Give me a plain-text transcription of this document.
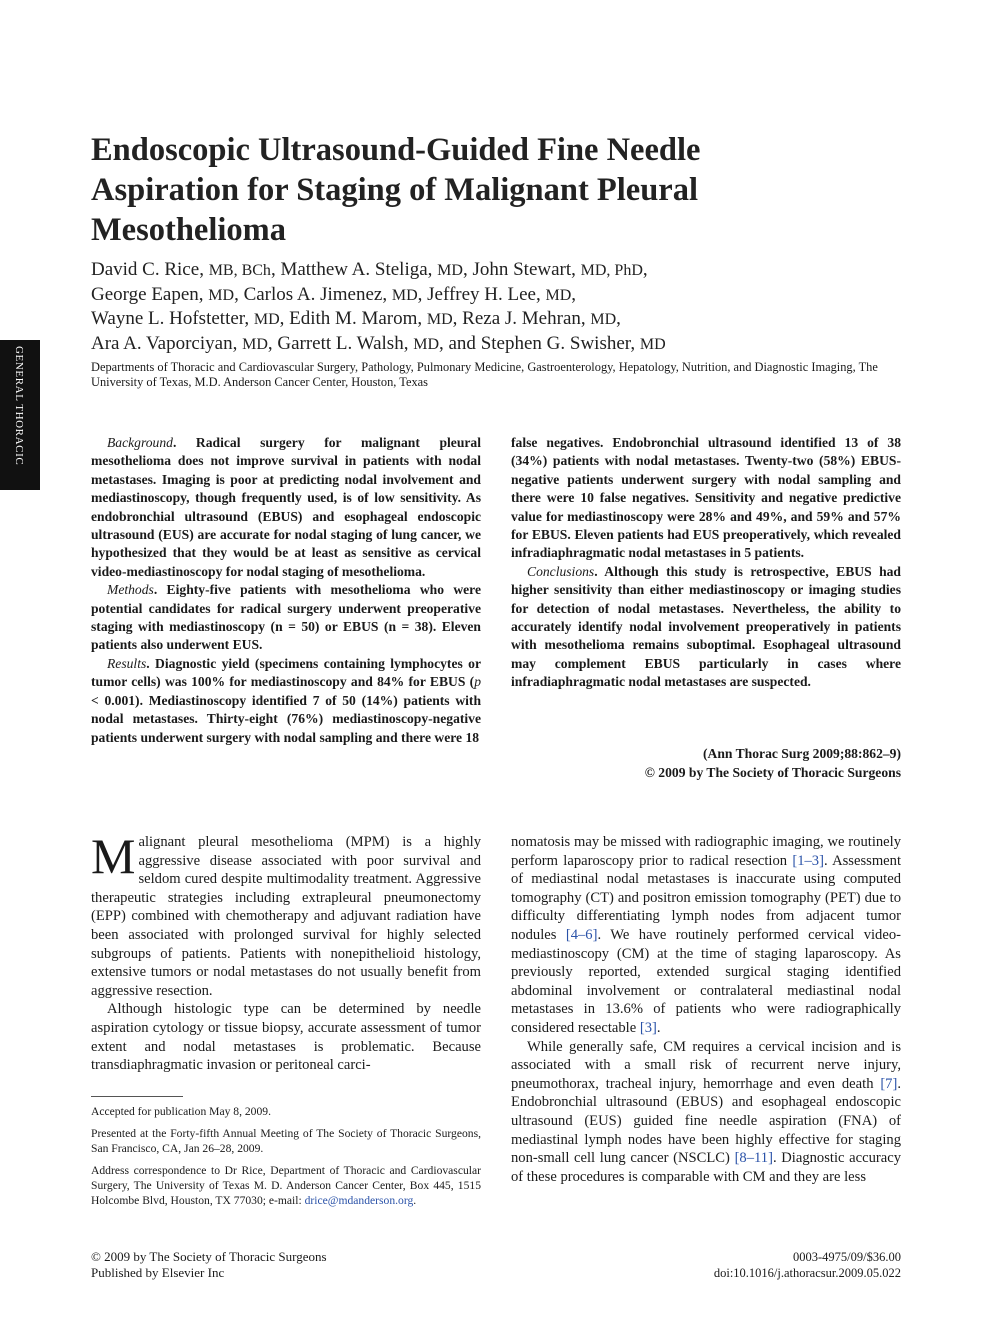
GENERAL THORACIC
Endoscopic Ultrasound-Guided Fine Needle Aspiration for Staging of Malignant Pleural Mesothelioma
David C. Rice, MB, BCh, Matthew A. Steliga, MD, John Stewart, MD, PhD,
George Eapen, MD, Carlos A. Jimenez, MD, Jeffrey H. Lee, MD,
Wayne L. Hofstetter, MD, Edith M. Marom, MD, Reza J. Mehran, MD,
Ara A. Vaporciyan, MD, Garrett L. Walsh, MD, and Stephen G. Swisher, MD
Departments of Thoracic and Cardiovascular Surgery, Pathology, Pulmonary Medicine, Gastroenterology, Hepatology, Nutrition, and Diagnostic Imaging, The University of Texas, M.D. Anderson Cancer Center, Houston, Texas

Background. Radical surgery for malignant pleural mesothelioma does not improve survival in patients with nodal metastases. Imaging is poor at predicting nodal involvement and mediastinoscopy, though frequently used, is of low sensitivity. As endobronchial ultrasound (EBUS) and esophageal endoscopic ultrasound (EUS) are accurate for nodal staging of lung cancer, we hypothesized that they would be at least as sensitive as cervical video-mediastinoscopy for nodal staging of mesothelioma.

Methods. Eighty-five patients with mesothelioma who were potential candidates for radical surgery underwent preoperative staging with mediastinoscopy (n = 50) or EBUS (n = 38). Eleven patients also underwent EUS.

Results. Diagnostic yield (specimens containing lymphocytes or tumor cells) was 100% for mediastinoscopy and 84% for EBUS (p < 0.001). Mediastinoscopy identified 7 of 50 (14%) patients with nodal metastases. Thirty-eight (76%) mediastinoscopy-negative patients underwent surgery with nodal sampling and there were 18

false negatives. Endobronchial ultrasound identified 13 of 38 (34%) patients with nodal metastases. Twenty-two (58%) EBUS-negative patients underwent surgery with nodal sampling and there were 10 false negatives. Sensitivity and negative predictive value for mediastinoscopy were 28% and 49%, and 59% and 57% for EBUS. Eleven patients had EUS preoperatively, which revealed infradiaphragmatic nodal metastases in 5 patients.

Conclusions. Although this study is retrospective, EBUS had higher sensitivity than either mediastinoscopy or imaging studies for detection of nodal metastases. Nevertheless, the ability to accurately identify nodal involvement preoperatively in patients with mesothelioma remains suboptimal. Esophageal ultrasound may complement EBUS particularly in cases where infradiaphragmatic nodal metastases are suspected.

(Ann Thorac Surg 2009;88:862–9)
© 2009 by The Society of Thoracic Surgeons

Malignant pleural mesothelioma (MPM) is a highly aggressive disease associated with poor survival and seldom cured despite multimodality treatment. Aggressive therapeutic strategies including extrapleural pneumonectomy (EPP) combined with chemotherapy and adjuvant radiation have been associated with prolonged survival for highly selected subgroups of patients. Patients with nonepithelioid histology, extensive tumors or nodal metastases do not usually benefit from aggressive resection.

Although histologic type can be determined by needle aspiration cytology or tissue biopsy, accurate assessment of tumor extent and nodal metastases is problematic. Because transdiaphragmatic invasion or peritoneal carci-

nomatosis may be missed with radiographic imaging, we routinely perform laparoscopy prior to radical resection [1–3]. Assessment of mediastinal nodal metastases is inaccurate using computed tomography (CT) and positron emission tomography (PET) due to difficulty differentiating lymph nodes from adjacent tumor nodules [4–6]. We have routinely performed cervical video-mediastinoscopy (CM) at the time of staging laparoscopy. As previously reported, extended surgical staging identified abdominal involvement or contralateral mediastinal nodal metastases in 13.6% of patients who were radiographically considered resectable [3].

While generally safe, CM requires a cervical incision and is associated with a small risk of recurrent nerve injury, pneumothorax, tracheal injury, hemorrhage and even death [7]. Endobronchial ultrasound (EBUS) and esophageal endoscopic ultrasound (EUS) guided fine needle aspiration (FNA) of mediastinal lymph nodes have been highly effective for staging non-small cell lung cancer (NSCLC) [8–11]. Diagnostic accuracy of these procedures is comparable with CM and they are less

Accepted for publication May 8, 2009.

Presented at the Forty-fifth Annual Meeting of The Society of Thoracic Surgeons, San Francisco, CA, Jan 26–28, 2009.

Address correspondence to Dr Rice, Department of Thoracic and Cardiovascular Surgery, The University of Texas M. D. Anderson Cancer Center, Box 445, 1515 Holcombe Blvd, Houston, TX 77030; e-mail: drice@mdanderson.org.

© 2009 by The Society of Thoracic Surgeons
Published by Elsevier Inc
0003-4975/09/$36.00
doi:10.1016/j.athoracsur.2009.05.022
